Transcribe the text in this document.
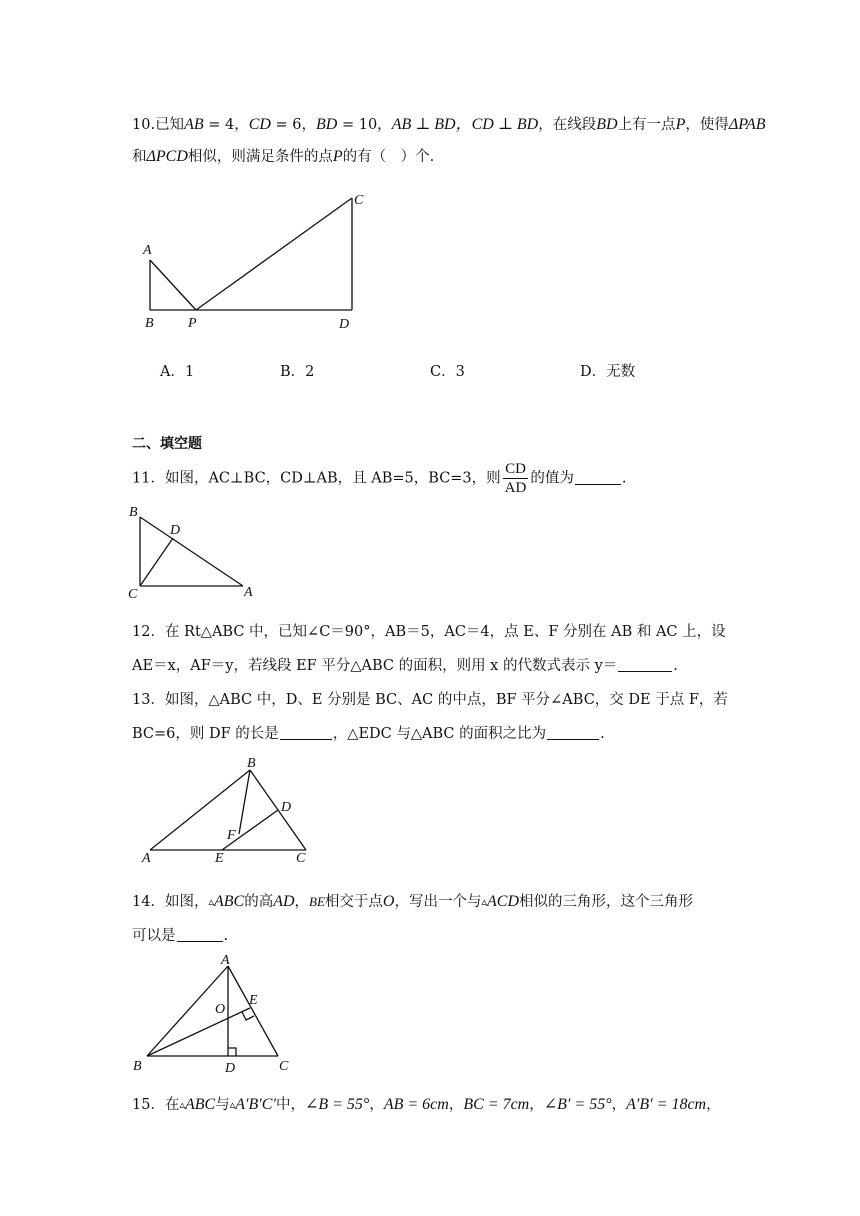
10.已知AB = 4，CD = 6，BD = 10，AB ⊥ BD，CD ⊥ BD，在线段BD上有一点P，使得ΔPAB
和ΔPCD相似，则满足条件的点P的有（　）个.
A
B P	D
C
B
D
C	A
B
D
F
A	E	C
A
O
E
B	D	C
A．1	B．2	C．3	D．无数
二、填空题
11．如图，AC⊥BC，CD⊥AB，且 AB=5，BC=3，则 $\frac{CD}{AD}$ 的值为	.
12．在 Rt△ABC 中，已知∠C＝90°，AB＝5，AC＝4，点 E、F 分别在 AB 和 AC 上，设
AE＝x，AF＝y，若线段 EF 平分△ABC 的面积，则用 x 的代数式表示 y＝	.
13．如图，△ABC 中，D、E 分别是 BC、AC 的中点，BF 平分∠ABC，交 DE 于点 F，若
BC=6，则 DF 的长是	，△EDC 与△ABC 的面积之比为	.
14．如图，▵ABC的高AD，BE相交于点O，写出一个与▵ACD相似的三角形，这个三角形
可以是	.
15．在▵ABC与▵A′B′C′中，∠B = 55°，AB = 6cm，BC = 7cm，∠B′ = 55°，A′B′ = 18cm，
